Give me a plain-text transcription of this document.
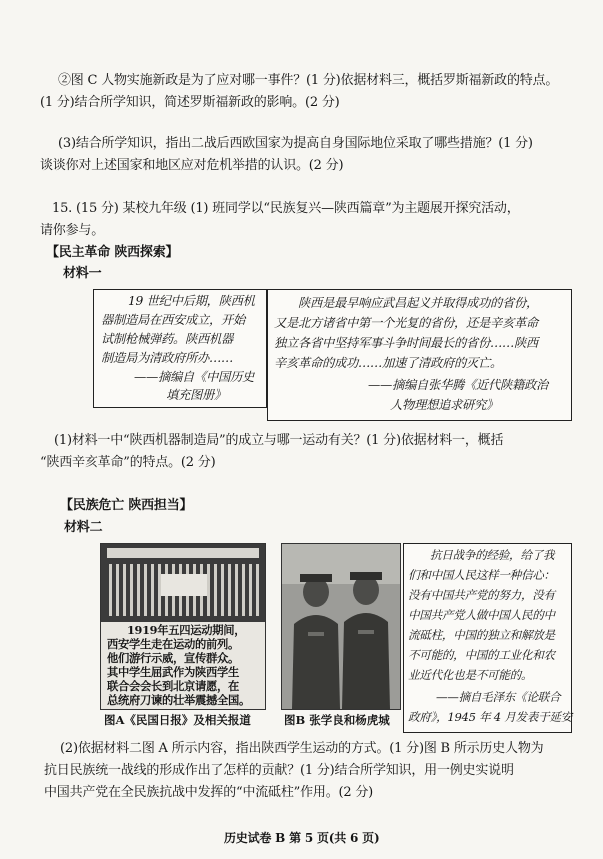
②图 C 人物实施新政是为了应对哪一事件？(1 分)依据材料三，概括罗斯福新政的特点。
(1 分)结合所学知识，简述罗斯福新政的影响。(2 分)
(3)结合所学知识，指出二战后西欧国家为提高自身国际地位采取了哪些措施？(1 分)
谈谈你对上述国家和地区应对危机举措的认识。(2 分)
15. (15 分) 某校九年级 (1) 班同学以“民族复兴—陕西篇章”为主题展开探究活动，
请你参与。
【民主革命 陕西探索】
材料一
19 世纪中后期，陕西机
器制造局在西安成立，开始
试制枪械弹药。陕西机器
制造局为清政府所办……
——摘编自《中国历史
填充图册》
陕西是最早响应武昌起义并取得成功的省份，
又是北方诸省中第一个光复的省份，还是辛亥革命
独立各省中坚持军事斗争时间最长的省份……陕西
辛亥革命的成功……加速了清政府的灭亡。
——摘编自张华腾《近代陕籍政治
人物理想追求研究》
(1)材料一中“陕西机器制造局”的成立与哪一运动有关？(1 分)依据材料一，概括
“陕西辛亥革命”的特点。(2 分)
【民族危亡 陕西担当】
材料二
1919年五四运动期间，
西安学生走在运动的前列。
他们游行示威，宣传群众。
其中学生屈武作为陕西学生
联合会会长到北京请愿，在
总统府刀谏的壮举震撼全国。
抗日战争的经验，给了我
们和中国人民这样一种信心：
没有中国共产党的努力，没有
中国共产党人做中国人民的中
流砥柱，中国的独立和解放是
不可能的，中国的工业化和农
业近代化也是不可能的。
——摘自毛泽东《论联合
政府》，1945 年 4 月发表于延安
图A《民国日报》及相关报道	图B 张学良和杨虎城
(2)依据材料二图 A 所示内容，指出陕西学生运动的方式。(1 分)图 B 所示历史人物为
抗日民族统一战线的形成作出了怎样的贡献？(1 分)结合所学知识，用一例史实说明
中国共产党在全民族抗战中发挥的“中流砥柱”作用。(2 分)
历史试卷 B 第 5 页(共 6 页)
